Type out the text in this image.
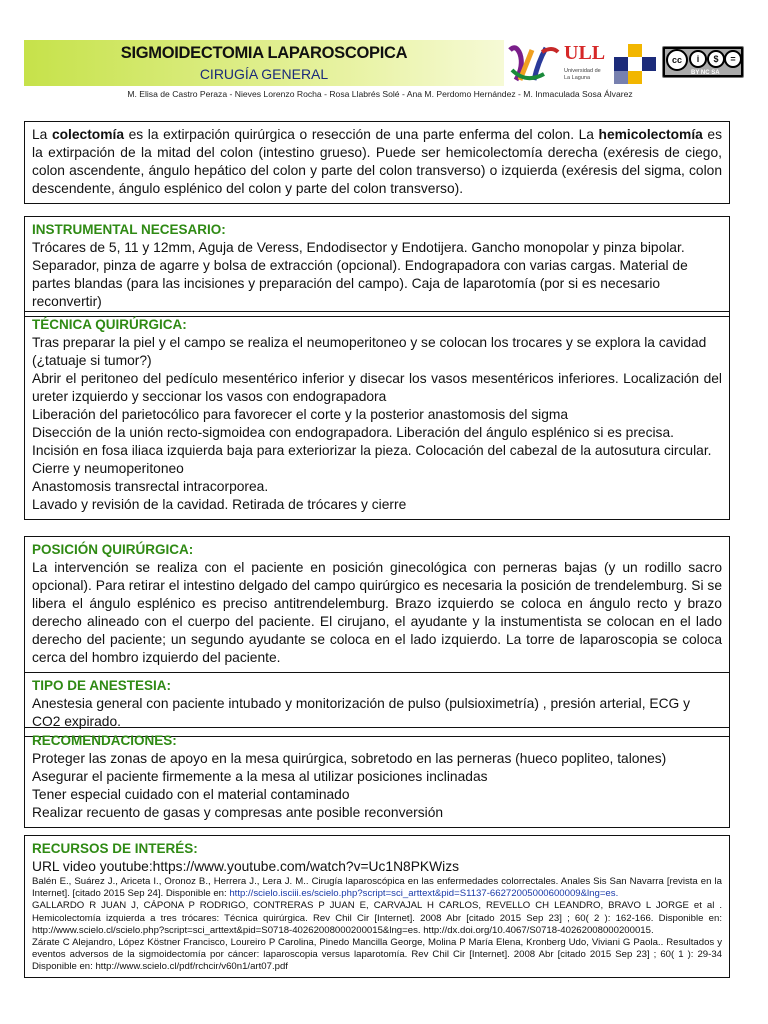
SIGMOIDECTOMIA LAPAROSCOPICA
CIRUGÍA GENERAL
ULL
Universidad de La Laguna
cc	i	$	=
BY NC SA
M. Elisa de Castro Peraza - Nieves Lorenzo Rocha - Rosa Llabrés Solé - Ana M. Perdomo Hernández - M. Inmaculada Sosa Álvarez

La colectomía es la extirpación quirúrgica o resección de una parte enferma del colon. La hemicolectomía es la extirpación de la mitad del colon (intestino grueso). Puede ser hemicolectomía derecha (exéresis de ciego, colon ascendente, ángulo hepático del colon y parte del colon transverso) o izquierda (exéresis del sigma, colon descendente, ángulo esplénico del colon y parte del colon transverso).

INSTRUMENTAL NECESARIO:

Trócares de 5, 11 y 12mm, Aguja de Veress, Endodisector y Endotijera. Gancho monopolar y pinza bipolar. Separador, pinza de agarre y bolsa de extracción (opcional). Endograpadora con varias cargas. Material de partes blandas (para las incisiones y preparación del campo). Caja de laparotomía (por si es necesario reconvertir)

TÉCNICA QUIRÚRGICA:

Tras preparar la piel y el campo se realiza el neumoperitoneo y se colocan los trocares y se explora la cavidad (¿tatuaje si tumor?)

Abrir el peritoneo del pedículo mesentérico inferior y disecar los vasos mesentéricos inferiores. Localización del ureter izquierdo y seccionar los vasos con endograpadora

Liberación del parietocólico para favorecer el corte y la posterior anastomosis del sigma

Disección de la unión recto-sigmoidea con endograpadora. Liberación del ángulo esplénico si es precisa.

Incisión en fosa iliaca izquierda baja para exteriorizar la pieza. Colocación del cabezal de la autosutura circular. Cierre y neumoperitoneo

Anastomosis transrectal intracorporea.

Lavado y revisión de la cavidad. Retirada de trócares y cierre

POSICIÓN QUIRÚRGICA:

La intervención se realiza con el paciente en posición ginecológica con perneras bajas (y un rodillo sacro opcional). Para retirar el intestino delgado del campo quirúrgico es necesaria la posición de trendelemburg. Si se libera el ángulo esplénico es preciso antitrendelemburg. Brazo izquierdo se coloca en ángulo recto y brazo derecho alineado con el cuerpo del paciente. El cirujano, el ayudante y la instumentista se colocan en el lado derecho del paciente; un segundo ayudante se coloca en el lado izquierdo. La torre de laparoscopia se coloca cerca del hombro izquierdo del paciente.

TIPO DE ANESTESIA:

Anestesia general con paciente intubado y monitorización de pulso (pulsioximetría) , presión arterial, ECG y CO2 expirado.

RECOMENDACIONES:

Proteger las zonas de apoyo en la mesa quirúrgica, sobretodo en las perneras (hueco popliteo, talones)

Asegurar el paciente firmemente a la mesa al utilizar posiciones inclinadas

Tener especial cuidado con el material contaminado

Realizar recuento de gasas y compresas ante posible reconversión

RECURSOS DE INTERÉS:

URL video youtube:https://www.youtube.com/watch?v=Uc1N8PKWizs

Balén E., Suárez J., Ariceta I., Oronoz B., Herrera J., Lera J. M.. Cirugía laparoscópica en las enfermedades colorrectales. Anales Sis San Navarra [revista en la Internet]. [citado 2015 Sep 24]. Disponible en: http://scielo.isciii.es/scielo.php?script=sci_arttext&pid=S1137-66272005000600009&lng=es.

GALLARDO R JUAN J, CÁPONA P RODRIGO, CONTRERAS P JUAN E, CARVAJAL H CARLOS, REVELLO CH LEANDRO, BRAVO L JORGE et al . Hemicolectomía izquierda a tres trócares: Técnica quirúrgica. Rev Chil Cir [Internet]. 2008 Abr [citado 2015 Sep 23] ; 60( 2 ): 162-166. Disponible en: http://www.scielo.cl/scielo.php?script=sci_arttext&pid=S0718-40262008000200015&lng=es. http://dx.doi.org/10.4067/S0718-40262008000200015.

Zárate C Alejandro, López Köstner Francisco, Loureiro P Carolina, Pinedo Mancilla George, Molina P María Elena, Kronberg Udo, Viviani G Paola.. Resultados y eventos adversos de la sigmoidectomía por cáncer: laparoscopia versus laparotomía. Rev Chil Cir [Internet]. 2008 Abr [citado 2015 Sep 23] ; 60( 1 ): 29-34 Disponible en: http://www.scielo.cl/pdf/rchcir/v60n1/art07.pdf
